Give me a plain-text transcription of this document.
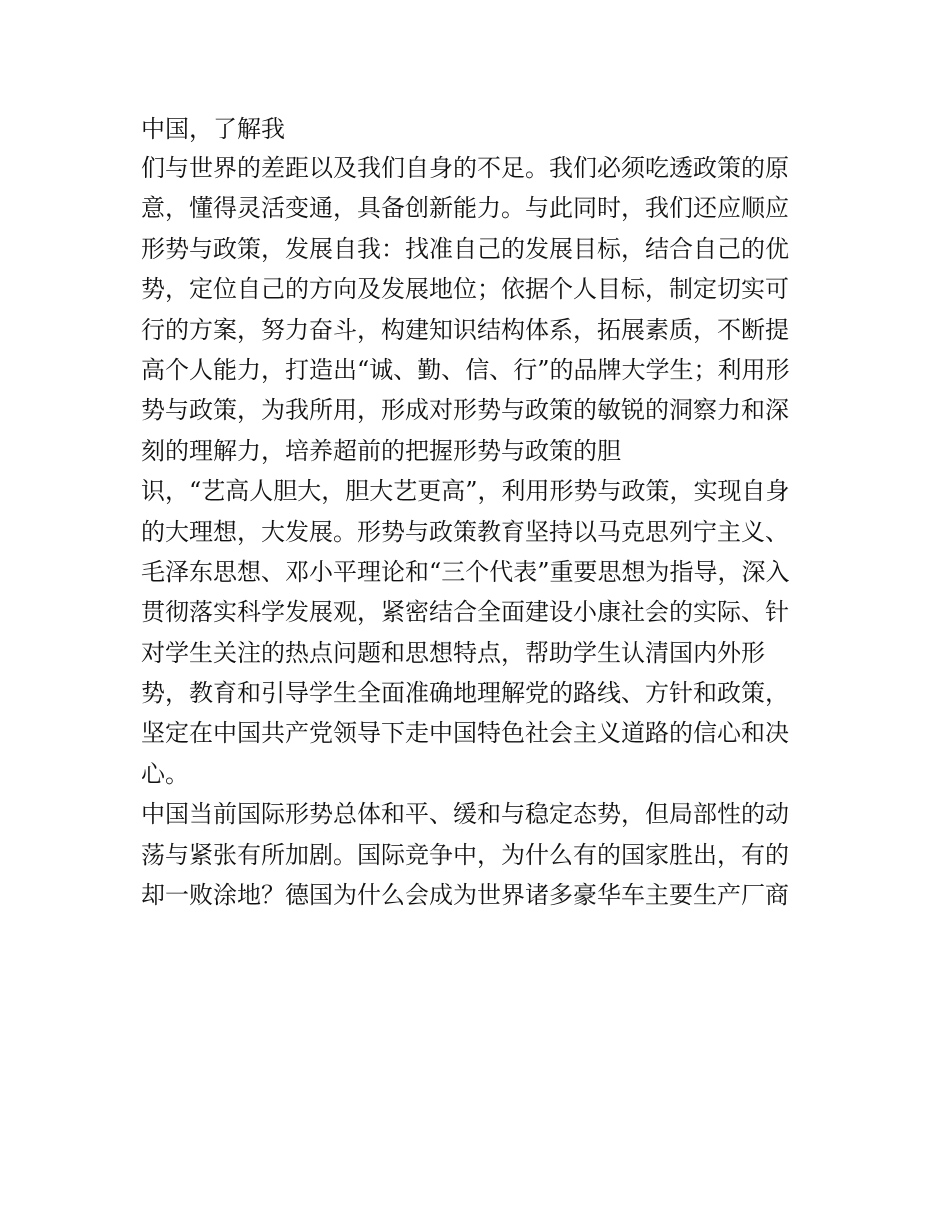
中国，了解我
们与世界的差距以及我们自身的不足。我们必须吃透政策的原
意，懂得灵活变通，具备创新能力。与此同时，我们还应顺应
形势与政策，发展自我：找准自己的发展目标，结合自己的优
势，定位自己的方向及发展地位；依据个人目标，制定切实可
行的方案，努力奋斗，构建知识结构体系，拓展素质，不断提
高个人能力，打造出“诚、勤、信、行”的品牌大学生；利用形
势与政策，为我所用，形成对形势与政策的敏锐的洞察力和深
刻的理解力，培养超前的把握形势与政策的胆
识，“艺高人胆大，胆大艺更高”，利用形势与政策，实现自身
的大理想，大发展。形势与政策教育坚持以马克思列宁主义、
毛泽东思想、邓小平理论和“三个代表”重要思想为指导，深入
贯彻落实科学发展观，紧密结合全面建设小康社会的实际、针
对学生关注的热点问题和思想特点，帮助学生认清国内外形
势，教育和引导学生全面准确地理解党的路线、方针和政策，
坚定在中国共产党领导下走中国特色社会主义道路的信心和决
心。
中国当前国际形势总体和平、缓和与稳定态势，但局部性的动
荡与紧张有所加剧。国际竞争中，为什么有的国家胜出，有的
却一败涂地？德国为什么会成为世界诸多豪华车主要生产厂商
